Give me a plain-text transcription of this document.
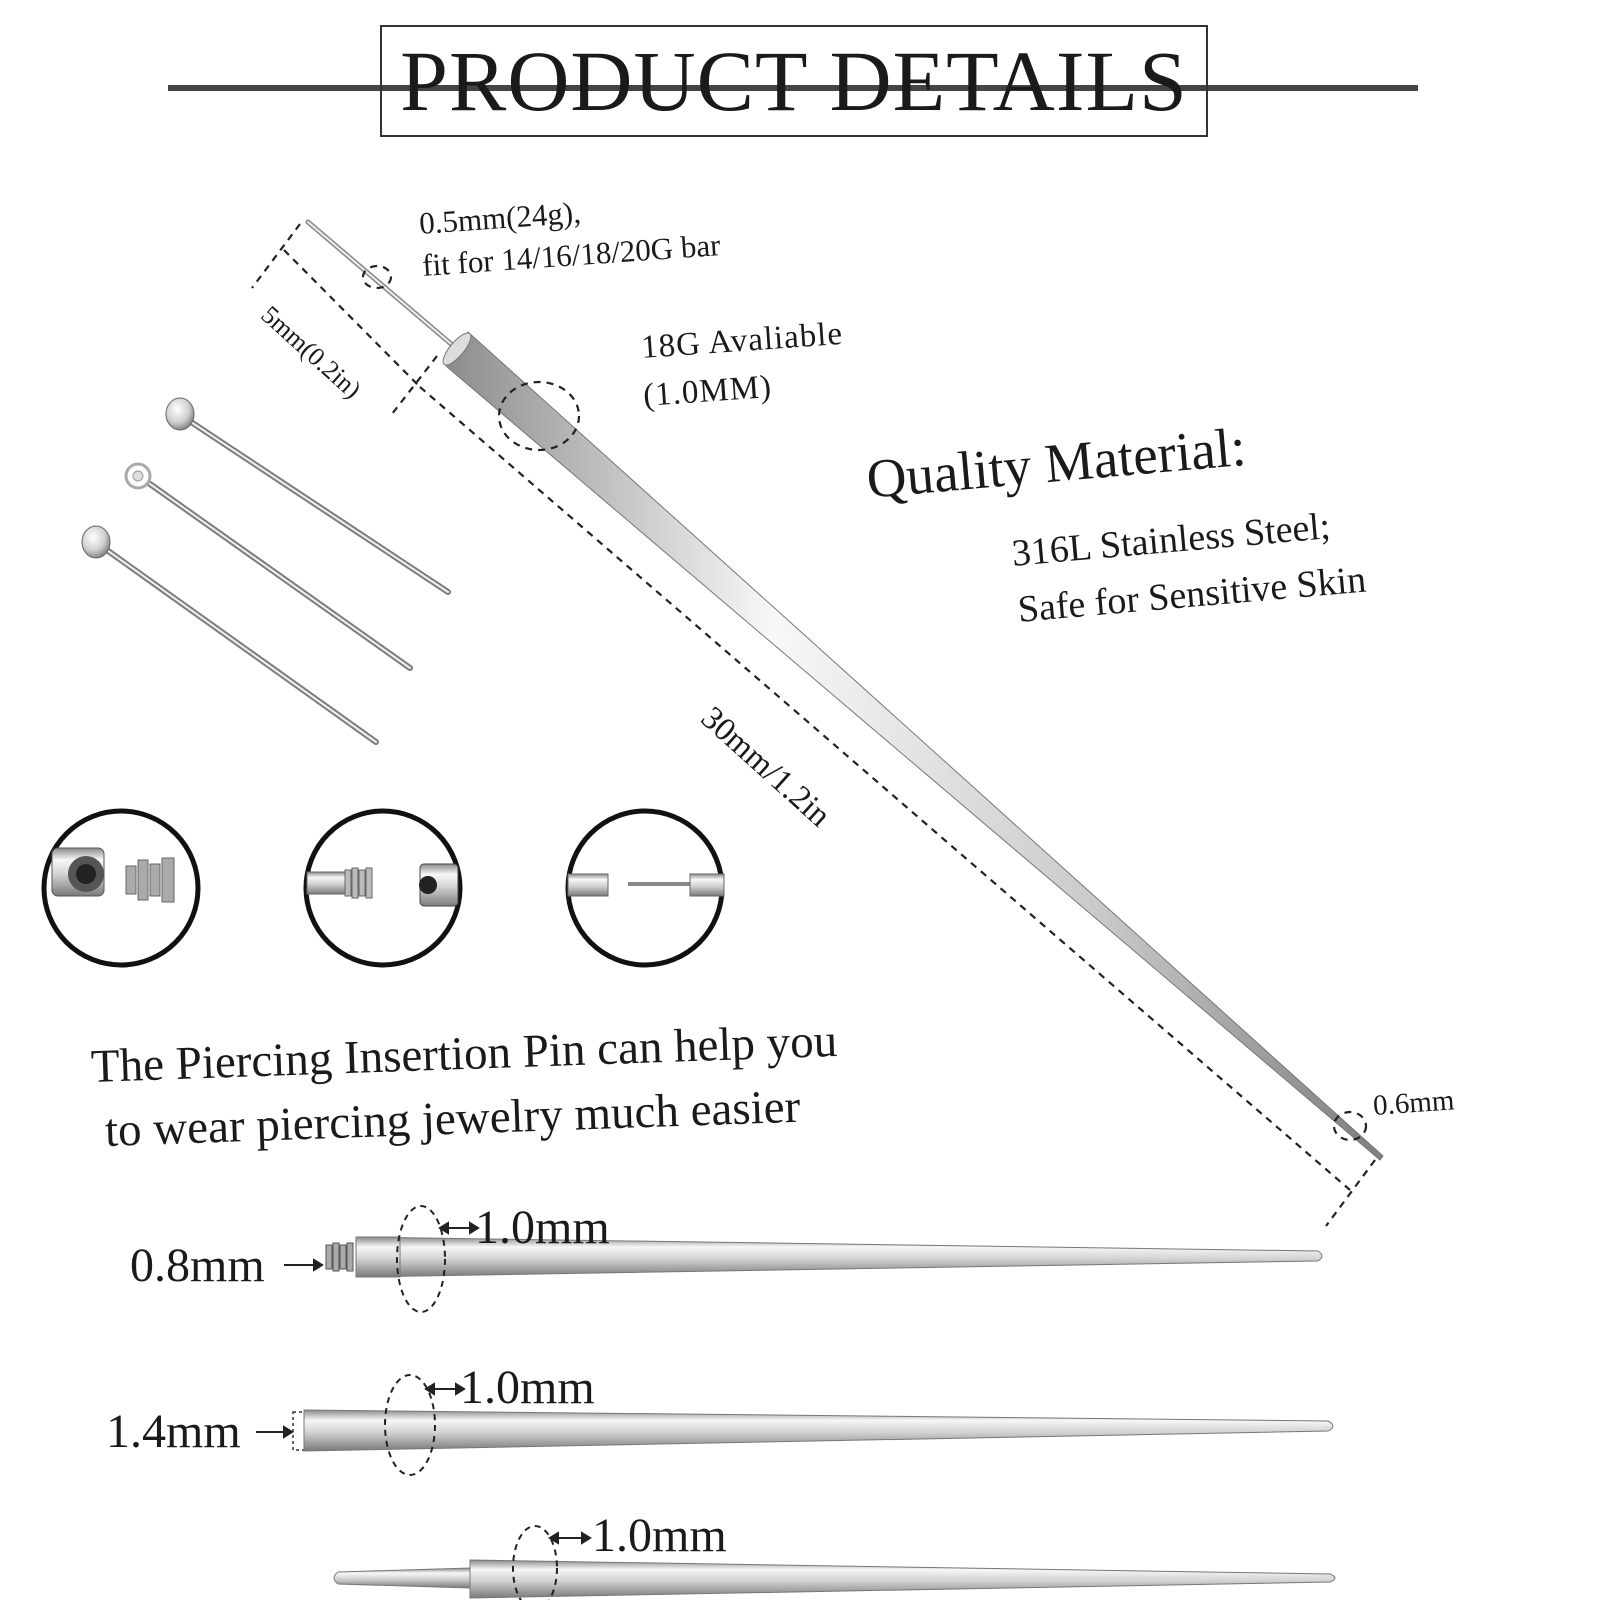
PRODUCT DETAILS
0.5mm(24g),
fit for 14/16/18/20G bar
5mm(0.2in)	18G Avaliable
(1.0MM)
30mm/1.2in
0.6mm
Quality Material:
316L Stainless Steel;
Safe for Sensitive Skin
The Piercing Insertion Pin can help you
to wear piercing jewelry much easier
0.8mm
1.0mm
1.4mm
1.0mm
1.0mm
